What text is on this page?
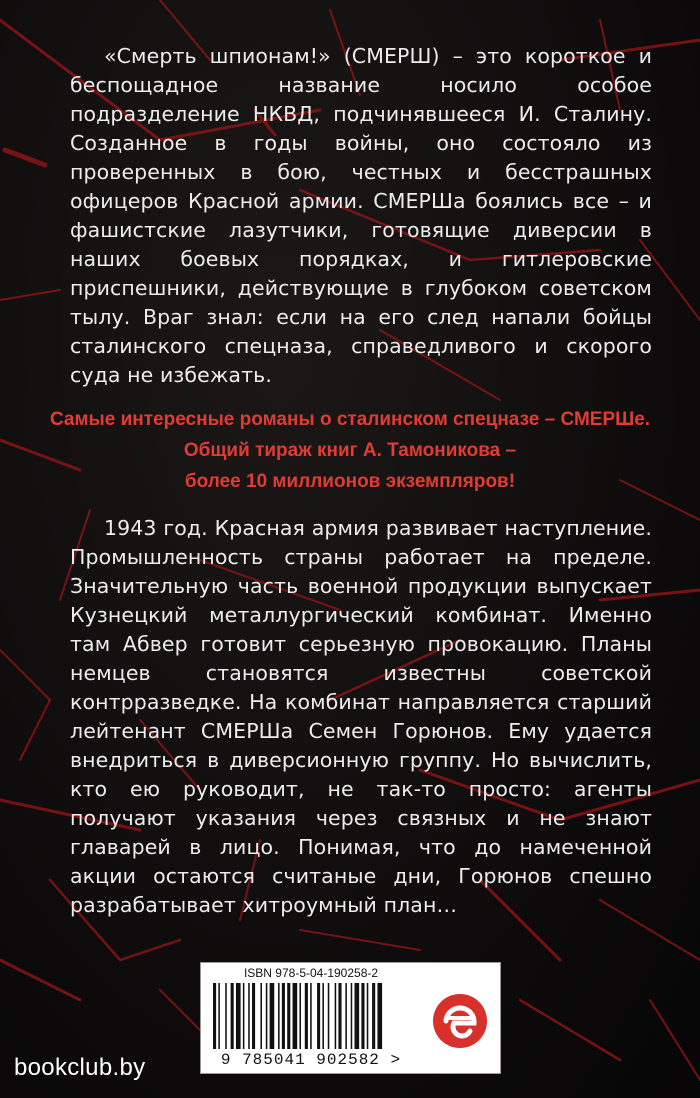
«Смерть шпионам!» (СМЕРШ) – это короткое и беспощадное название носило особое подразделение НКВД, подчинявшееся И. Сталину. Созданное в годы войны, оно состояло из проверенных в бою, честных и бесстрашных офицеров Красной армии. СМЕРШа боялись все – и фашистские лазутчики, готовящие диверсии в наших боевых порядках, и гитлеровские приспешники, действующие в глубоком советском тылу. Враг знал: если на его след напали бойцы сталинского спецназа, справедливого и скорого суда не избежать.
Самые интересные романы о сталинском спецназе – СМЕРШе.
Общий тираж книг А. Тамоникова –
более 10 миллионов экземпляров!
1943 год. Красная армия развивает наступление. Промышленность страны работает на пределе. Значительную часть военной продукции выпускает Кузнецкий металлургический комбинат. Именно там Абвер готовит серьезную провокацию. Планы немцев становятся известны советской контрразведке. На комбинат направляется старший лейтенант СМЕРШа Семен Горюнов. Ему удается внедриться в диверсионную группу. Но вычислить, кто ею руководит, не так-то просто: агенты получают указания через связных и не знают главарей в лицо. Понимая, что до намеченной акции остаются считаные дни, Горюнов спешно разрабатывает хитроумный план…
ISBN 978-5-04-190258-2
9 785041 902582 >
bookclub.by
